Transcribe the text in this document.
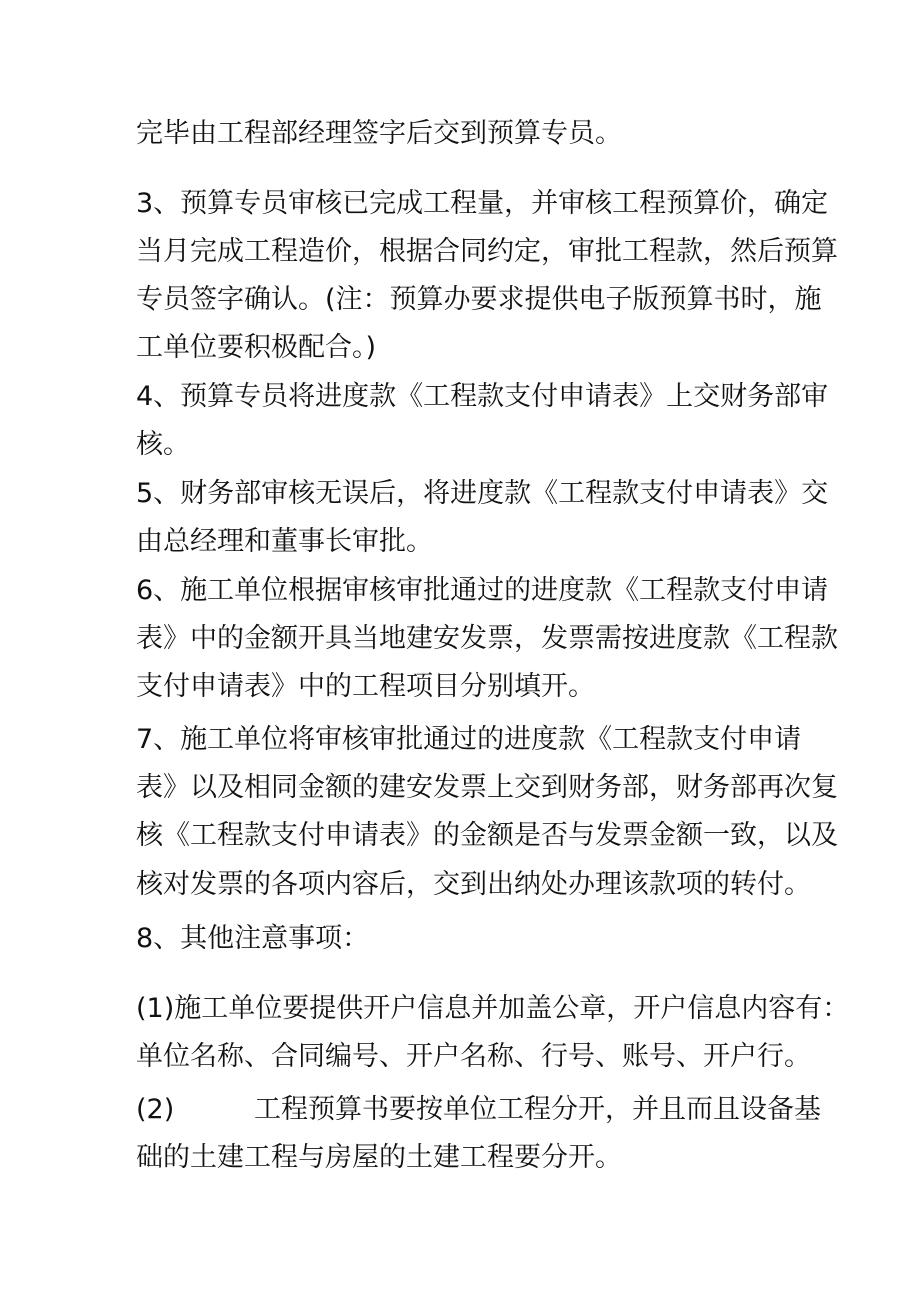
完毕由工程部经理签字后交到预算专员。
3、预算专员审核已完成工程量，并审核工程预算价，确定
当月完成工程造价，根据合同约定，审批工程款，然后预算
专员签字确认。(注：预算办要求提供电子版预算书时，施
工单位要积极配合。)
4、预算专员将进度款《工程款支付申请表》上交财务部审
核。
5、财务部审核无误后，将进度款《工程款支付申请表》交
由总经理和董事长审批。
6、施工单位根据审核审批通过的进度款《工程款支付申请
表》中的金额开具当地建安发票，发票需按进度款《工程款
支付申请表》中的工程项目分别填开。
7、施工单位将审核审批通过的进度款《工程款支付申请
表》以及相同金额的建安发票上交到财务部，财务部再次复
核《工程款支付申请表》的金额是否与发票金额一致，以及
核对发票的各项内容后，交到出纳处办理该款项的转付。
8、其他注意事项：
(1)施工单位要提供开户信息并加盖公章，开户信息内容有：
单位名称、合同编号、开户名称、行号、账号、开户行。
(2)	工程预算书要按单位工程分开，并且而且设备基
础的土建工程与房屋的土建工程要分开。
